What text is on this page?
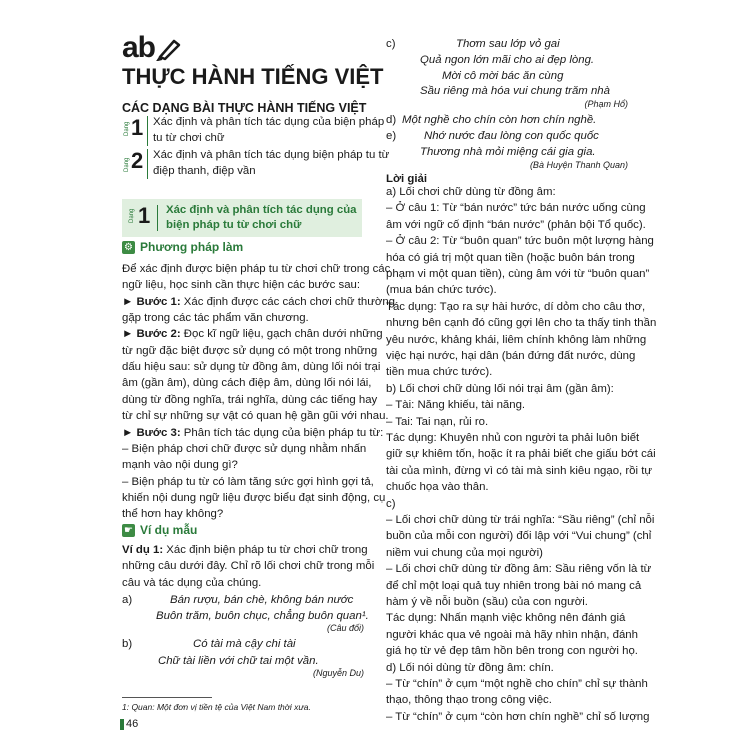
ab
THỰC HÀNH TIẾNG VIỆT
CÁC DẠNG BÀI THỰC HÀNH TIẾNG VIỆT
Dạng 1 Xác định và phân tích tác dụng của biện pháp
tu từ chơi chữ
Dạng 2 Xác định và phân tích tác dụng biện pháp tu từ
điệp thanh, điệp vần
Dạng 1 Xác định và phân tích tác dụng của
biện pháp tu từ chơi chữ
⚙ Phương pháp làm
Để xác định được biện pháp tu từ chơi chữ trong các
ngữ liệu, học sinh cần thực hiện các bước sau:
► Bước 1: Xác định được các cách chơi chữ thường
gặp trong các tác phẩm văn chương.
► Bước 2: Đọc kĩ ngữ liệu, gạch chân dưới những
từ ngữ đặc biệt được sử dụng có một trong những
dấu hiệu sau: sử dụng từ đồng âm, dùng lối nói trại
âm (gần âm), dùng cách điệp âm, dùng lối nói lái,
dùng từ đồng nghĩa, trái nghĩa, dùng các tiếng hay
từ chỉ sự những sự vật có quan hệ gần gũi với nhau.
► Bước 3: Phân tích tác dụng của biện pháp tu từ:
– Biện pháp chơi chữ được sử dụng nhằm nhấn
mạnh vào nội dung gì?
– Biện pháp tu từ có làm tăng sức gợi hình gợi tả,
khiến nội dung ngữ liệu được biểu đạt sinh động, cụ
thể hơn hay không?
☛ Ví dụ mẫu
Ví dụ 1: Xác định biện pháp tu từ chơi chữ trong
những câu dưới đây. Chỉ rõ lối chơi chữ trong mỗi
câu và tác dụng của chúng.
a)	Bán rượu, bán chè, không bán nước
Buôn trăm, buôn chục, chẳng buôn quan¹.
(Câu đối)
b)	Có tài mà cậy chi tài
Chữ tài liền với chữ tai một vần.
(Nguyễn Du)
1: Quan: Một đơn vị tiền tệ của Việt Nam thời xưa.
46
c)	Thơm sau lớp vỏ gai
Quả ngon lớn mãi cho ai đẹp lòng.
Mời cô mời bác ăn cùng
Sầu riêng mà hóa vui chung trăm nhà
(Phạm Hổ)
d) Một nghề cho chín còn hơn chín nghề.
e) Nhớ nước đau lòng con quốc quốc
Thương nhà mỏi miệng cái gia gia.
(Bà Huyện Thanh Quan)
Lời giải
a) Lối chơi chữ dùng từ đồng âm:
– Ở câu 1: Từ “bán nước” tức bán nước uống cùng
âm với ngữ cố định “bán nước” (phản bội Tổ quốc).
– Ở câu 2: Từ “buôn quan” tức buôn một lượng hàng
hóa có giá trị một quan tiền (hoặc buôn bán trong
phạm vi một quan tiền), cùng âm với từ “buôn quan”
(mua bán chức tước).
Tác dụng: Tạo ra sự hài hước, dí dỏm cho câu thơ,
nhưng bên cạnh đó cũng gợi lên cho ta thấy tinh thần
yêu nước, khảng khái, liêm chính không làm những
việc hại nước, hại dân (bán đứng đất nước, dùng
tiền mua chức tước).
b) Lối chơi chữ dùng lối nói trại âm (gần âm):
– Tài: Năng khiếu, tài năng.
– Tai: Tai nạn, rủi ro.
Tác dụng: Khuyên nhủ con người ta phải luôn biết
giữ sự khiêm tốn, hoặc ít ra phải biết che giấu bớt cái
tài của mình, đừng vì có tài mà sinh kiêu ngạo, rồi tự
chuốc họa vào thân.
c)
– Lối chơi chữ dùng từ trái nghĩa: “Sầu riêng” (chỉ nỗi
buồn của mỗi con người) đối lập với “Vui chung” (chỉ
niềm vui chung của mọi người)
– Lối chơi chữ dùng từ đồng âm: Sầu riêng vốn là từ
để chỉ một loại quả tuy nhiên trong bài nó mang cả
hàm ý về nỗi buồn (sầu) của con người.
Tác dụng: Nhấn mạnh việc không nên đánh giá
người khác qua vẻ ngoài mà hãy nhìn nhận, đánh
giá họ từ vẻ đẹp tâm hồn bên trong con người họ.
d) Lối nói dùng từ đồng âm: chín.
– Từ “chín” ở cụm “một nghề cho chín” chỉ sự thành
thạo, thông thạo trong công việc.
– Từ “chín” ở cụm “còn hơn chín nghề” chỉ số lượng
